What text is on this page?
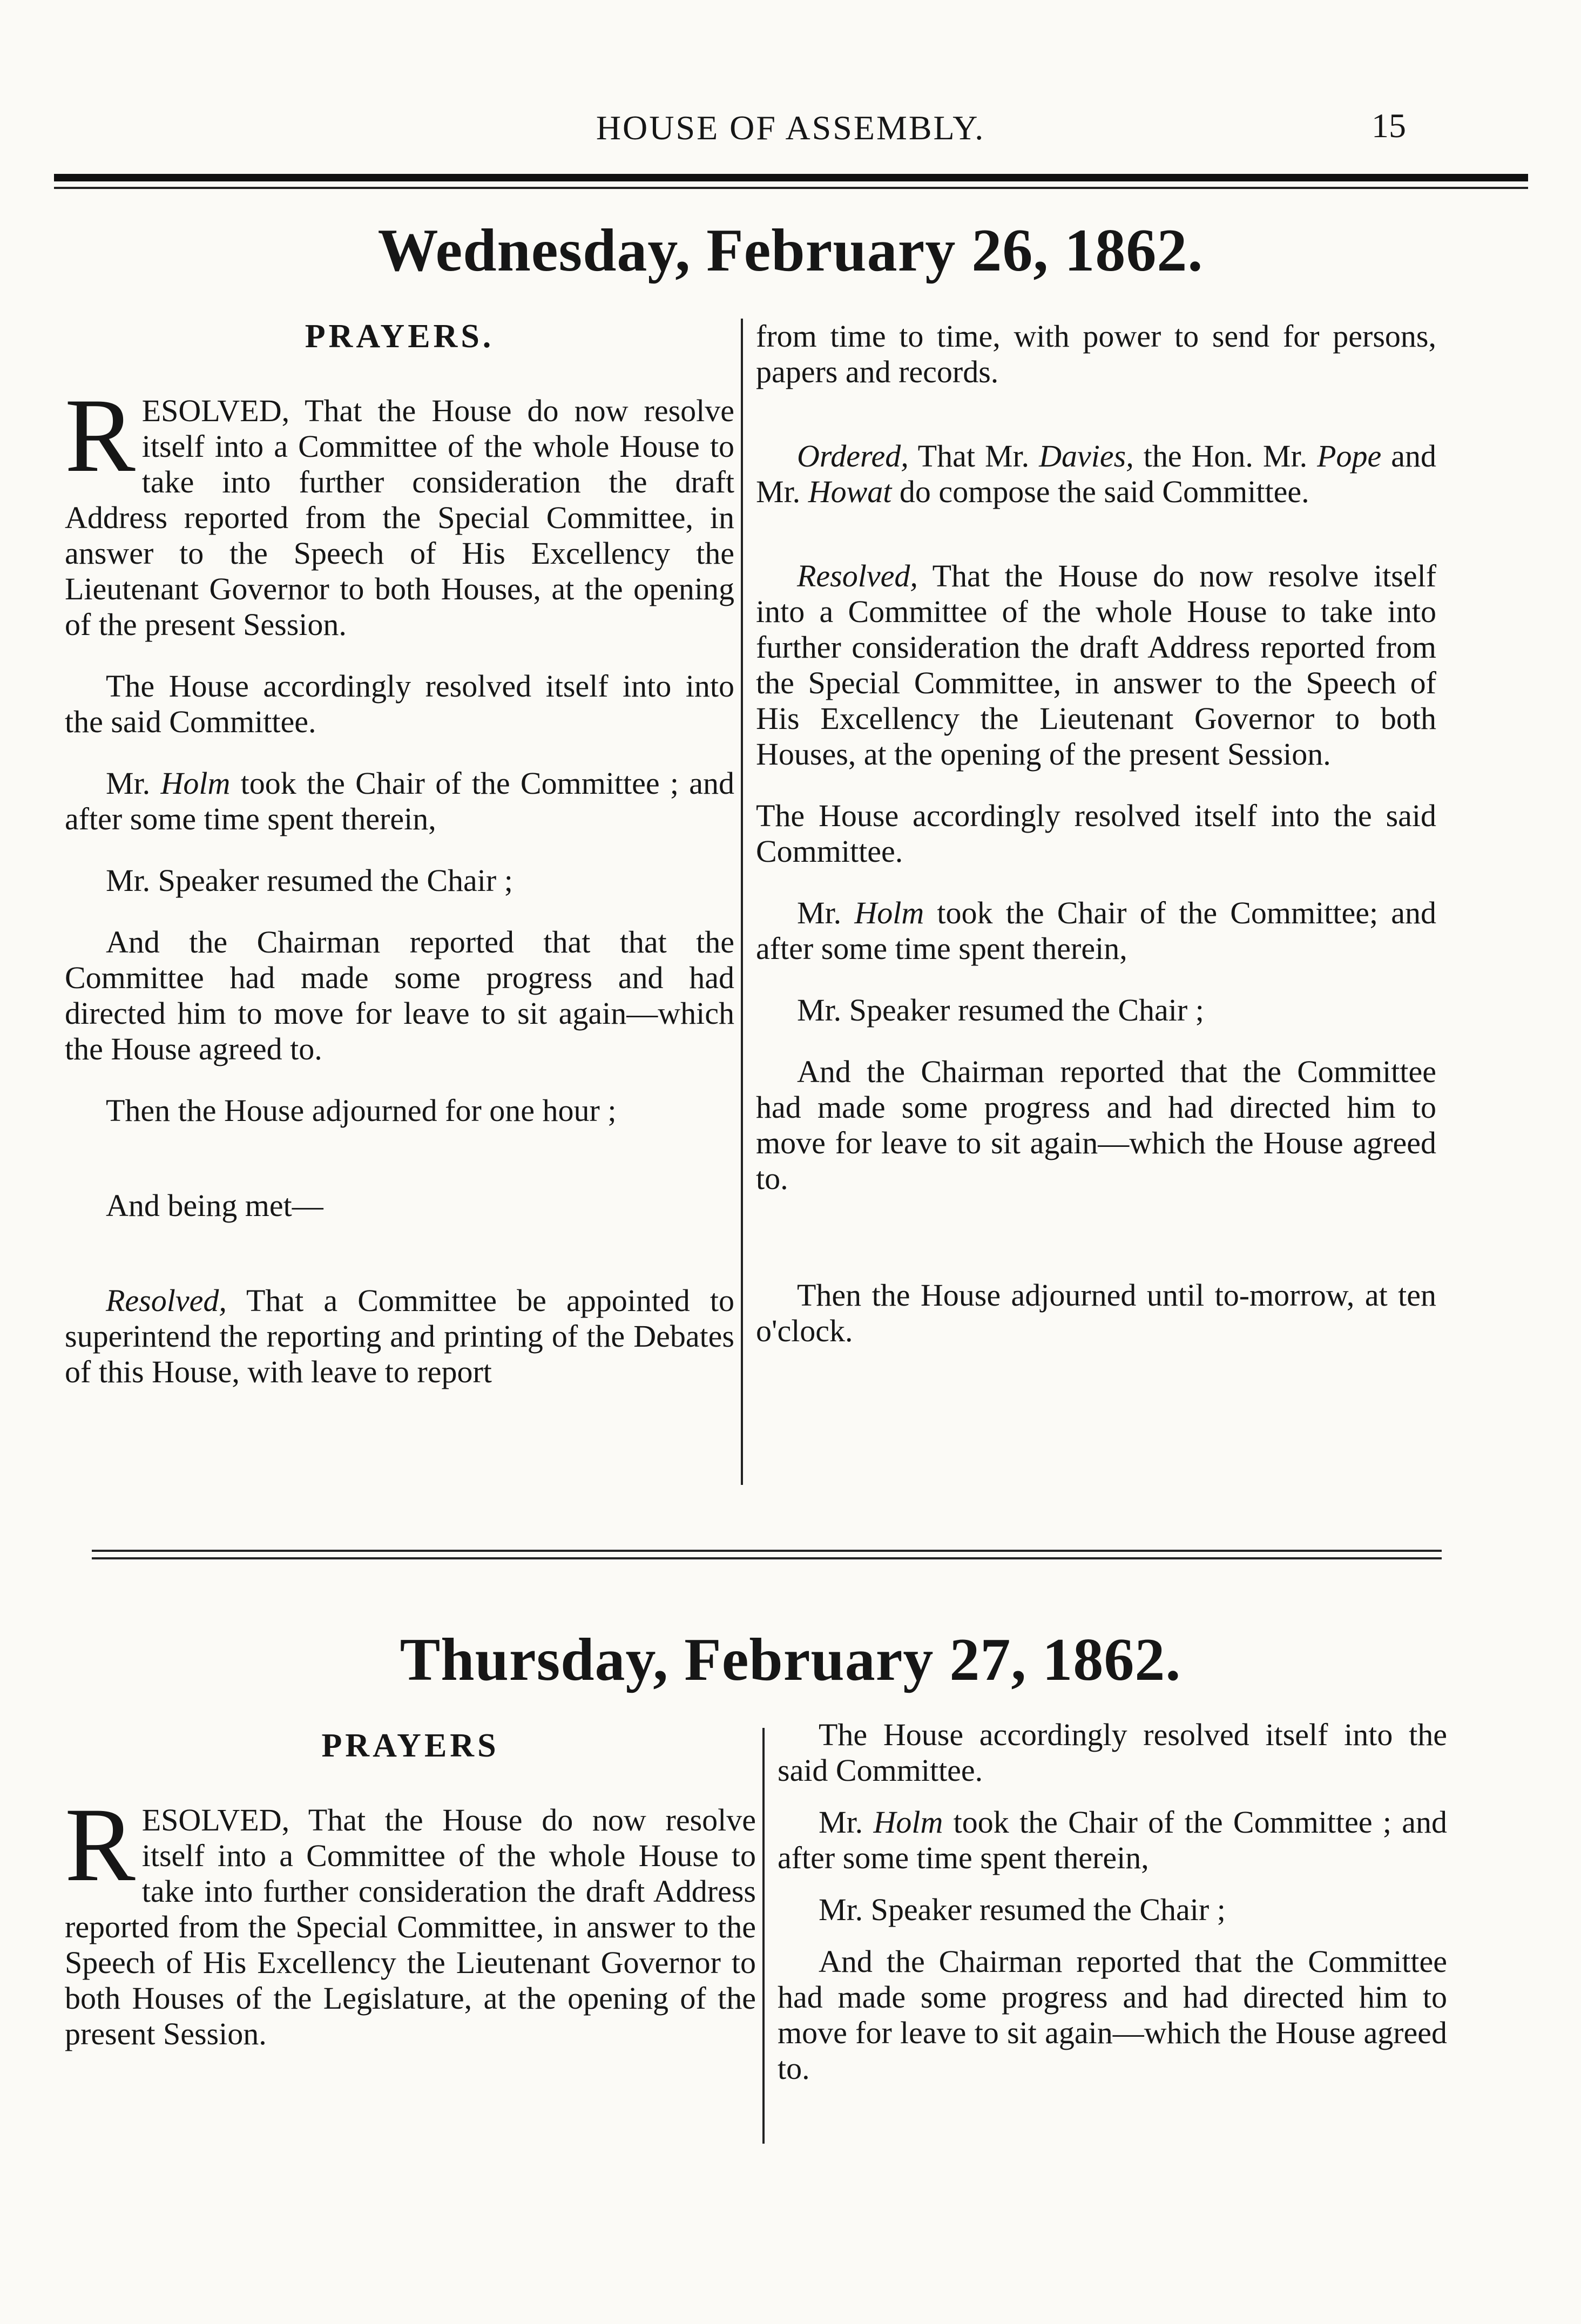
HOUSE OF ASSEMBLY.	15
Wednesday, February 26, 1862.
PRAYERS.

RESOLVED, That the House do now resolve itself into a Committee of the whole House to take into further consideration the draft Address reported from the Special Committee, in answer to the Speech of His Excellency the Lieutenant Governor to both Houses, at the opening of the present Session.

The House accordingly resolved itself into into the said Committee.

Mr. Holm took the Chair of the Committee ; and after some time spent therein,

Mr. Speaker resumed the Chair ;

And the Chairman reported that that the Committee had made some progress and had directed him to move for leave to sit again—which the House agreed to.

Then the House adjourned for one hour ;

And being met—

Resolved, That a Committee be appointed to superintend the reporting and printing of the Debates of this House, with leave to report

from time to time, with power to send for persons, papers and records.

Ordered, That Mr. Davies, the Hon. Mr. Pope and Mr. Howat do compose the said Committee.

Resolved, That the House do now resolve itself into a Committee of the whole House to take into further consideration the draft Address reported from the Special Committee, in answer to the Speech of His Excellency the Lieutenant Governor to both Houses, at the opening of the present Session.

The House accordingly resolved itself into the said Committee.

Mr. Holm took the Chair of the Committee; and after some time spent therein,

Mr. Speaker resumed the Chair ;

And the Chairman reported that the Committee had made some progress and had directed him to move for leave to sit again—which the House agreed to.

Then the House adjourned until to-morrow, at ten o'clock.

Thursday, February 27, 1862.
PRAYERS

RESOLVED, That the House do now resolve itself into a Committee of the whole House to take into further consideration the draft Address reported from the Special Committee, in answer to the Speech of His Excellency the Lieutenant Governor to both Houses of the Legislature, at the opening of the present Session.

The House accordingly resolved itself into the said Committee.

Mr. Holm took the Chair of the Committee ; and after some time spent therein,

Mr. Speaker resumed the Chair ;

And the Chairman reported that the Committee had made some progress and had directed him to move for leave to sit again—which the House agreed to.
